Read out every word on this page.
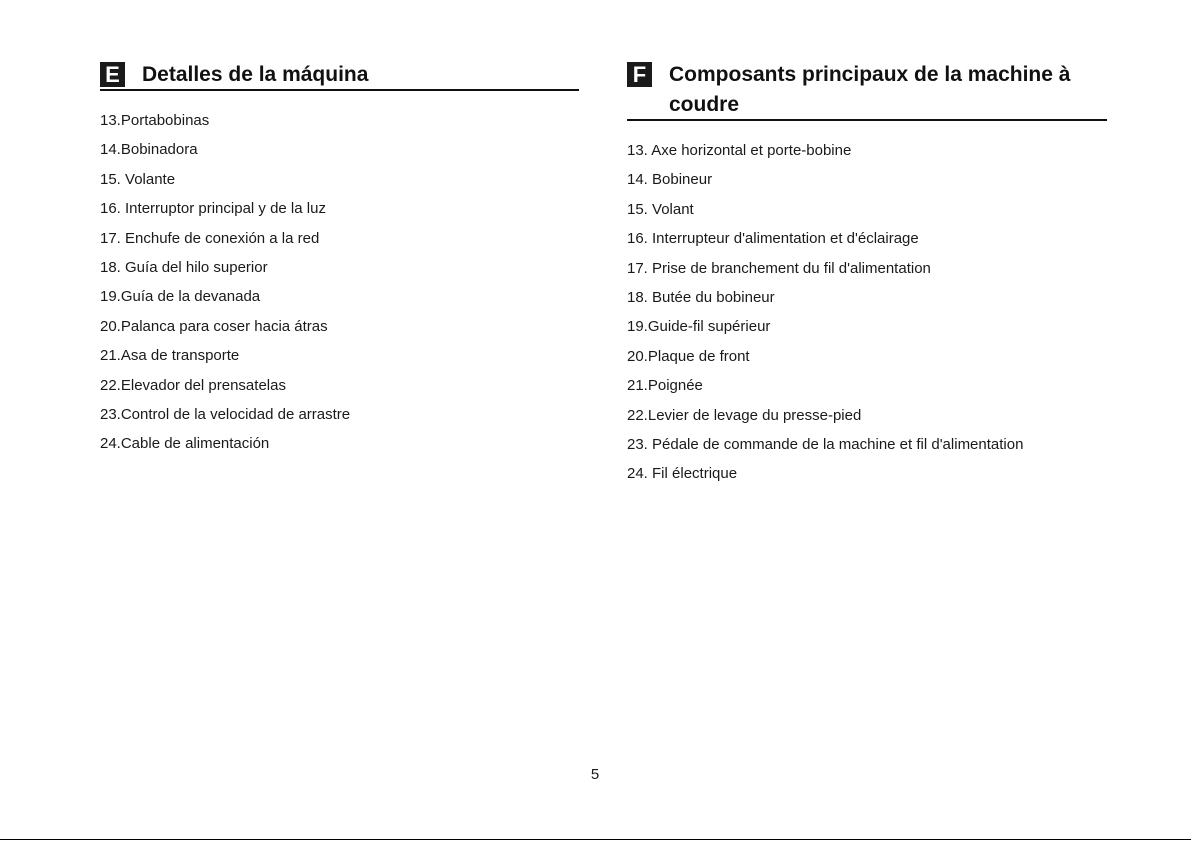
E Detalles de la máquina
13.Portabobinas
14.Bobinadora
15. Volante
16. Interruptor principal y de la luz
17. Enchufe de conexión a la red
18. Guía del hilo superior
19.Guía de la devanada
20.Palanca para coser hacia átras
21.Asa de transporte
22.Elevador del prensatelas
23.Control de la velocidad de arrastre
24.Cable de alimentación
F Composants principaux de la machine à coudre
13. Axe horizontal et porte-bobine
14. Bobineur
15. Volant
16. Interrupteur d'alimentation et d'éclairage
17. Prise de branchement du fil d'alimentation
18. Butée du bobineur
19.Guide-fil supérieur
20.Plaque de front
21.Poignée
22.Levier de levage du presse-pied
23. Pédale de commande de la machine et fil d'alimentation
24. Fil électrique
5
